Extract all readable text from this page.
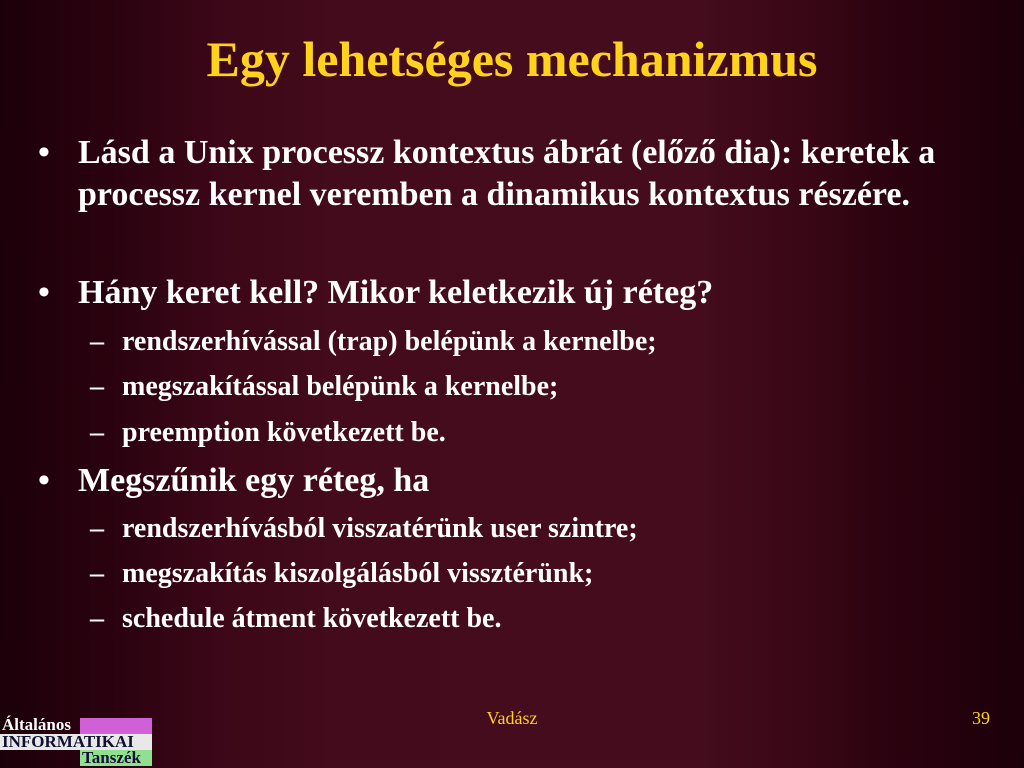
Egy lehetséges mechanizmus
• Lásd a Unix processz kontextus ábrát (előző dia): keretek a processz kernel veremben a dinamikus kontextus részére.
• Hány keret kell? Mikor keletkezik új réteg?
– rendszerhívással (trap) belépünk a kernelbe;
– megszakítással belépünk a kernelbe;
– preemption következett be.
• Megszűnik egy réteg, ha
– rendszerhívásból visszatérünk user szintre;
– megszakítás kiszolgálásból vissztérünk;
– schedule átment következett be.
Vadász	39
Általános
INFORMATIKAI
Tanszék
